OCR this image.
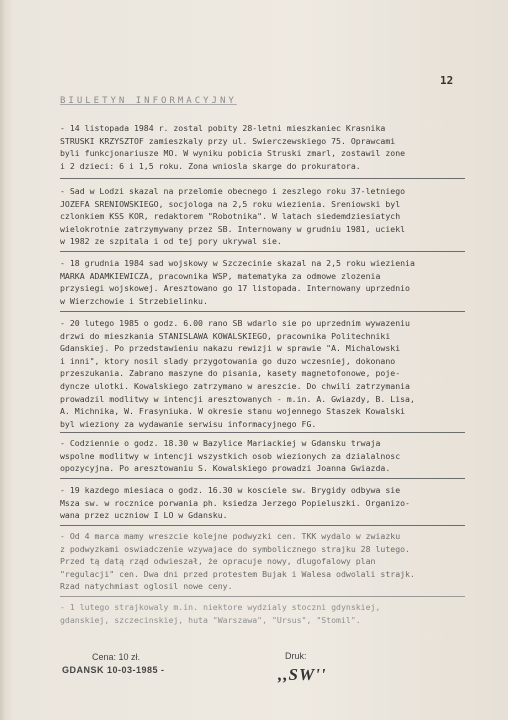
12
BIULETYN INFORMACYJNY
- 14 listopada 1984 r. zostal pobity 28-letni mieszkaniec Krasnika
STRUSKI KRZYSZTOF zamieszkaly przy ul. Swierczewskiego 75. Oprawcami
byli funkcjonariusze MO. W wyniku pobicia Struski zmarl, zostawil zone
i 2 dzieci: 6 i 1,5 roku. Zona wniosla skarge do prokuratora.
- Sad w Lodzi skazal na przelomie obecnego i zeszlego roku 37-letniego
JOZEFA SRENIOWSKIEGO, socjologa na 2,5 roku wiezienia. Sreniowski byl
czlonkiem KSS KOR, redaktorem "Robotnika". W latach siedemdziesiatych
wielokrotnie zatrzymywany przez SB. Internowany w grudniu 1981, uciekl
w 1982 ze szpitala i od tej pory ukrywal sie.
- 18 grudnia 1984 sad wojskowy w Szczecinie skazal na 2,5 roku wiezienia
MARKA ADAMKIEWICZA, pracownika WSP, matematyka za odmowe zlozenia
przysiegi wojskowej. Aresztowano go 17 listopada. Internowany uprzednio
w Wierzchowie i Strzebielinku.
- 20 lutego 1985 o godz. 6.00 rano SB wdarlo sie po uprzednim wywazeniu
drzwi do mieszkania STANISLAWA KOWALSKIEGO, pracownika Politechniki
Gdanskiej. Po przedstawieniu nakazu rewizji w sprawie "A. Michalowski
i inni", ktory nosil slady przygotowania go duzo wczesniej, dokonano
przeszukania. Zabrano maszyne do pisania, kasety magnetofonowe, poje-
dyncze ulotki. Kowalskiego zatrzymano w areszcie. Do chwili zatrzymania
prowadzil modlitwy w intencji aresztowanych - m.in. A. Gwiazdy, B. Lisa,
A. Michnika, W. Frasyniuka. W okresie stanu wojennego Staszek Kowalski
byl wieziony za wydawanie serwisu informacyjnego FG.
- Codziennie o godz. 18.30 w Bazylice Mariackiej w Gdansku trwaja
wspolne modlitwy w intencji wszystkich osob wiezionych za dzialalnosc
opozycyjna. Po aresztowaniu S. Kowalskiego prowadzi Joanna Gwiazda.
- 19 kazdego miesiaca o godz. 16.30 w kosciele sw. Brygidy odbywa sie
Msza sw. w rocznice porwania ph. ksiedza Jerzego Popieluszki. Organizo-
wana przez uczniow I LO w Gdansku.
- Od 4 marca mamy wreszcie kolejne podwyzki cen. TKK wydalo w zwiazku
z podwyzkami oswiadczenie wzywajace do symbolicznego strajku 28 lutego.
Przed tą datą rząd odwieszał, że opracuje nowy, dlugofalowy plan
"regulacji" cen. Dwa dni przed protestem Bujak i Walesa odwolali strajk.
Rzad natychmiast oglosil nowe ceny.
- 1 lutego strajkowaly m.in. niektore wydzialy stoczni gdynskiej,
gdanskiej, szczecinskiej, huta "Warszawa", "Ursus", "Stomil".
Cena: 10 zł.
GDANSK 10-03-1985 -
Druk:
,,SW''
